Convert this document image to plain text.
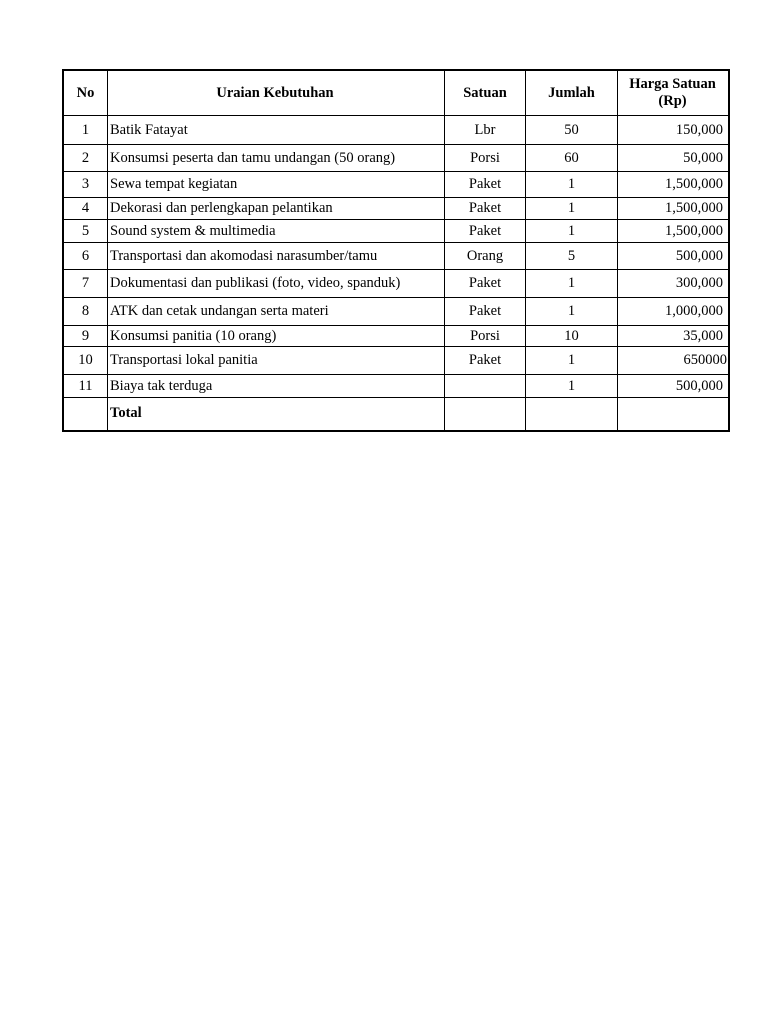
No	Uraian Kebutuhan	Satuan	Jumlah	Harga Satuan (Rp)
1	Batik Fatayat	Lbr	50	150,000
2	Konsumsi peserta dan tamu undangan (50 orang)	Porsi	60	50,000
3	Sewa tempat kegiatan	Paket	1	1,500,000
4	Dekorasi dan perlengkapan pelantikan	Paket	1	1,500,000
5	Sound system & multimedia	Paket	1	1,500,000
6	Transportasi dan akomodasi narasumber/tamu	Orang	5	500,000
7	Dokumentasi dan publikasi (foto, video, spanduk)	Paket	1	300,000
8	ATK dan cetak undangan serta materi	Paket	1	1,000,000
9	Konsumsi panitia (10 orang)	Porsi	10	35,000
10	Transportasi lokal panitia	Paket	1	650000
11	Biaya tak terduga		1	500,000
	Total			
